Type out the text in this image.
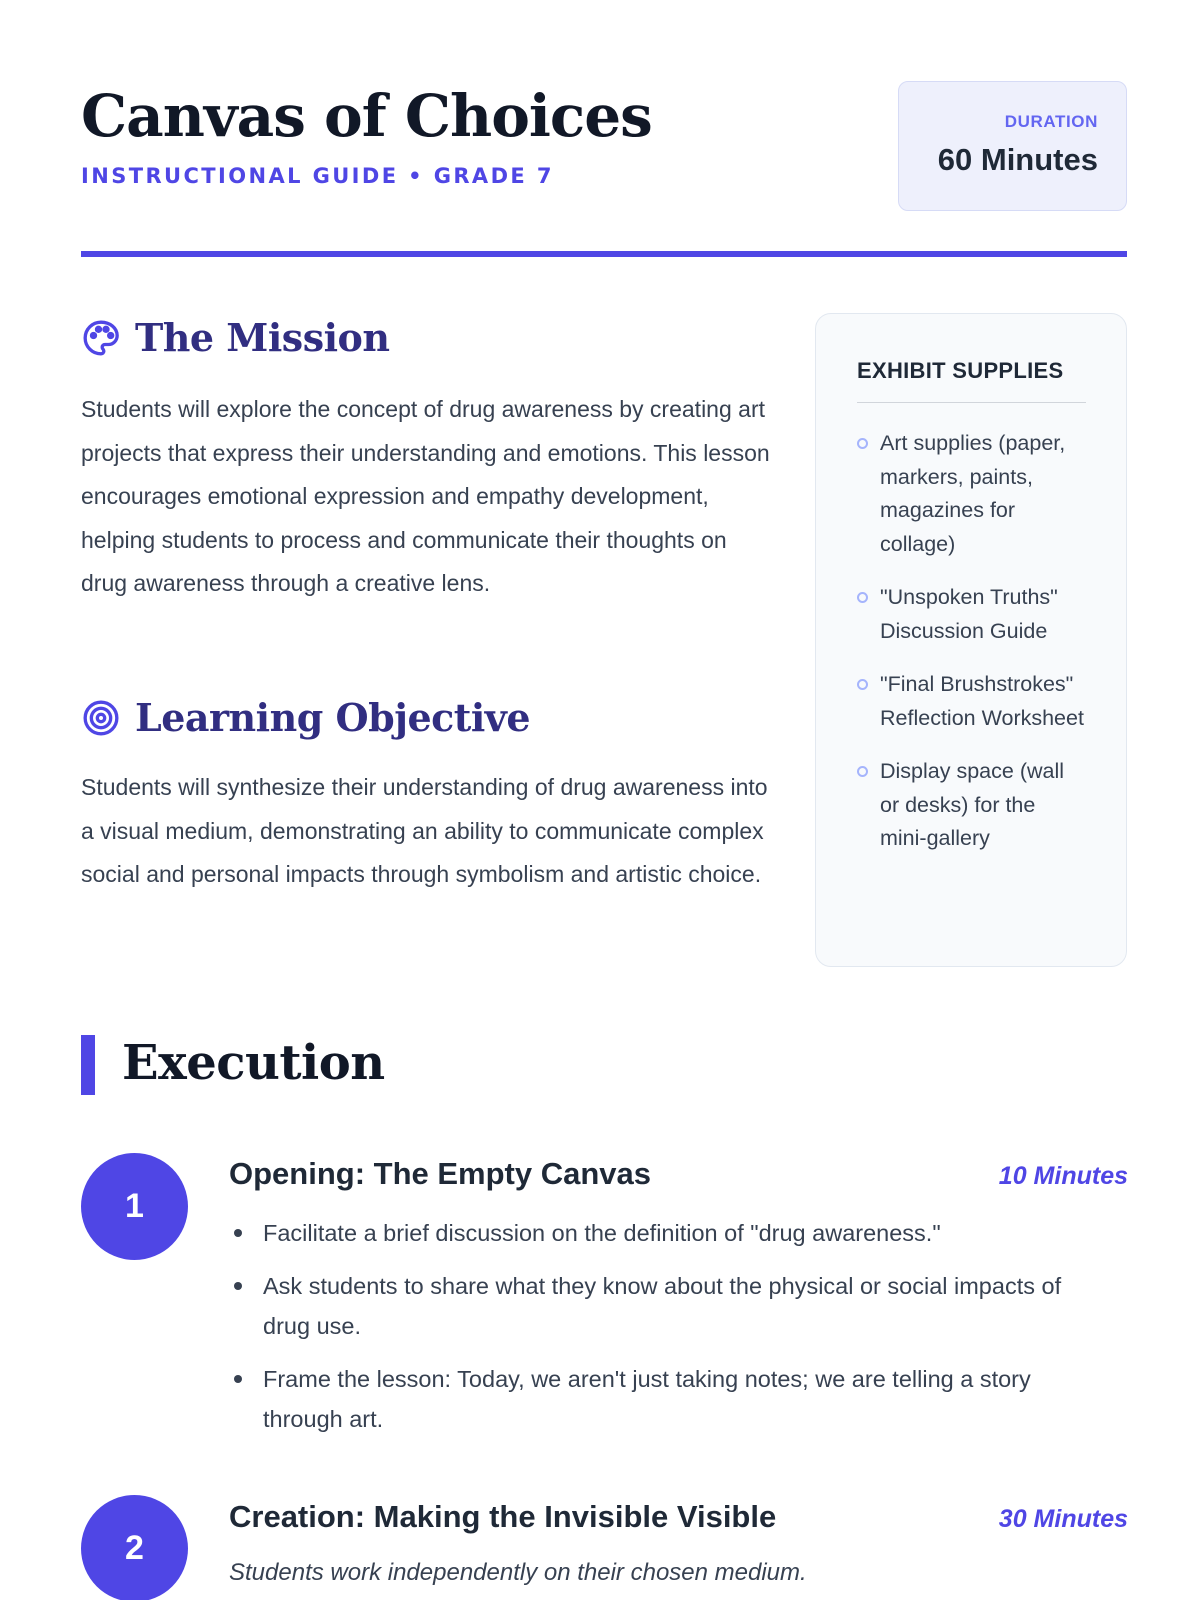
Canvas of Choices
INSTRUCTIONAL GUIDE • GRADE 7
DURATION
60 Minutes
The Mission

Students will explore the concept of drug awareness by creating art projects that express their understanding and emotions. This lesson encourages emotional expression and empathy development, helping students to process and communicate their thoughts on drug awareness through a creative lens.

Learning Objective

Students will synthesize their understanding of drug awareness into a visual medium, demonstrating an ability to communicate complex social and personal impacts through symbolism and artistic choice.

EXHIBIT SUPPLIES
Art supplies (paper, markers, paints, magazines for collage)
"Unspoken Truths" Discussion Guide
"Final Brushstrokes" Reflection Worksheet
Display space (wall or desks) for the mini-gallery
Execution
1
Opening: The Empty Canvas	10 Minutes
Facilitate a brief discussion on the definition of "drug awareness."
Ask students to share what they know about the physical or social impacts of drug use.
Frame the lesson: Today, we aren't just taking notes; we are telling a story through art.
2
Creation: Making the Invisible Visible	30 Minutes
Students work independently on their chosen medium.
